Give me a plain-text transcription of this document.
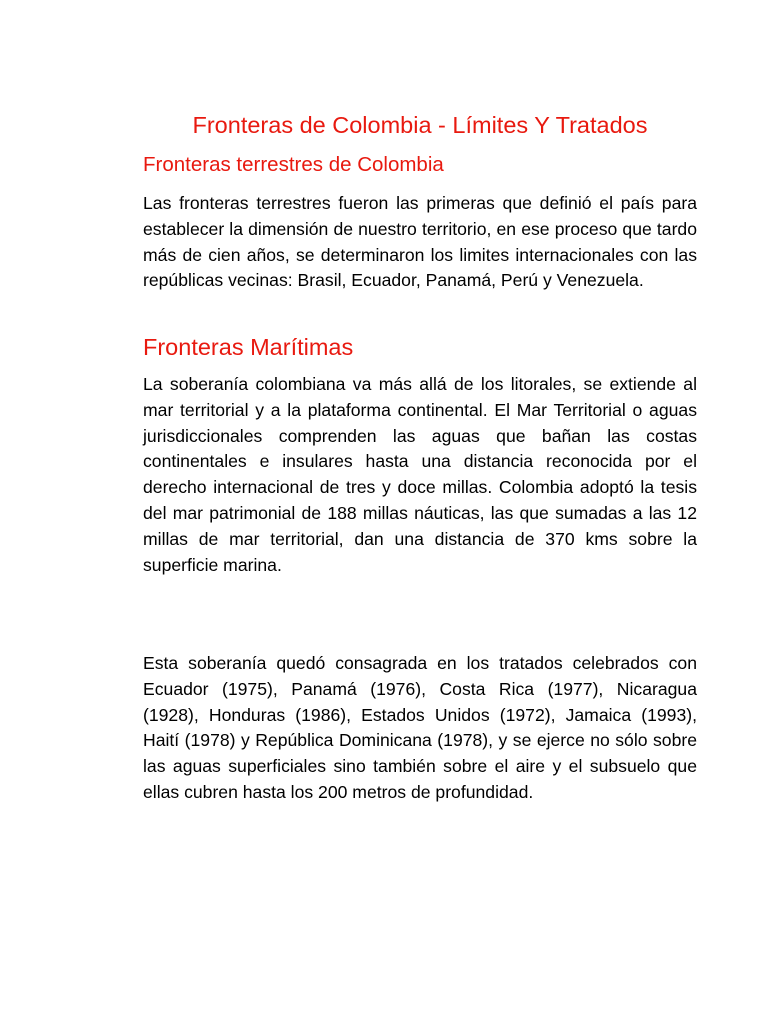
Fronteras de Colombia - Límites Y Tratados
Fronteras terrestres de Colombia

Las fronteras terrestres fueron las primeras que definió el país para establecer la dimensión de nuestro territorio, en ese proceso que tardo más de cien años, se determinaron los limites internacionales con las repúblicas vecinas: Brasil, Ecuador, Panamá, Perú y Venezuela.

Fronteras Marítimas

La soberanía colombiana va más allá de los litorales, se extiende al mar territorial y a la plataforma continental. El Mar Territorial o aguas jurisdiccionales comprenden las aguas que bañan las costas continentales e insulares hasta una distancia reconocida por el derecho internacional de tres y doce millas. Colombia adoptó la tesis del mar patrimonial de 188 millas náuticas, las que sumadas a las 12 millas de mar territorial, dan una distancia de 370 kms sobre la superficie marina.

Esta soberanía quedó consagrada en los tratados celebrados con Ecuador (1975), Panamá (1976), Costa Rica (1977), Nicaragua (1928), Honduras (1986), Estados Unidos (1972), Jamaica (1993), Haití (1978) y República Dominicana (1978), y se ejerce no sólo sobre las aguas superficiales sino también sobre el aire y el subsuelo que ellas cubren hasta los 200 metros de profundidad.
